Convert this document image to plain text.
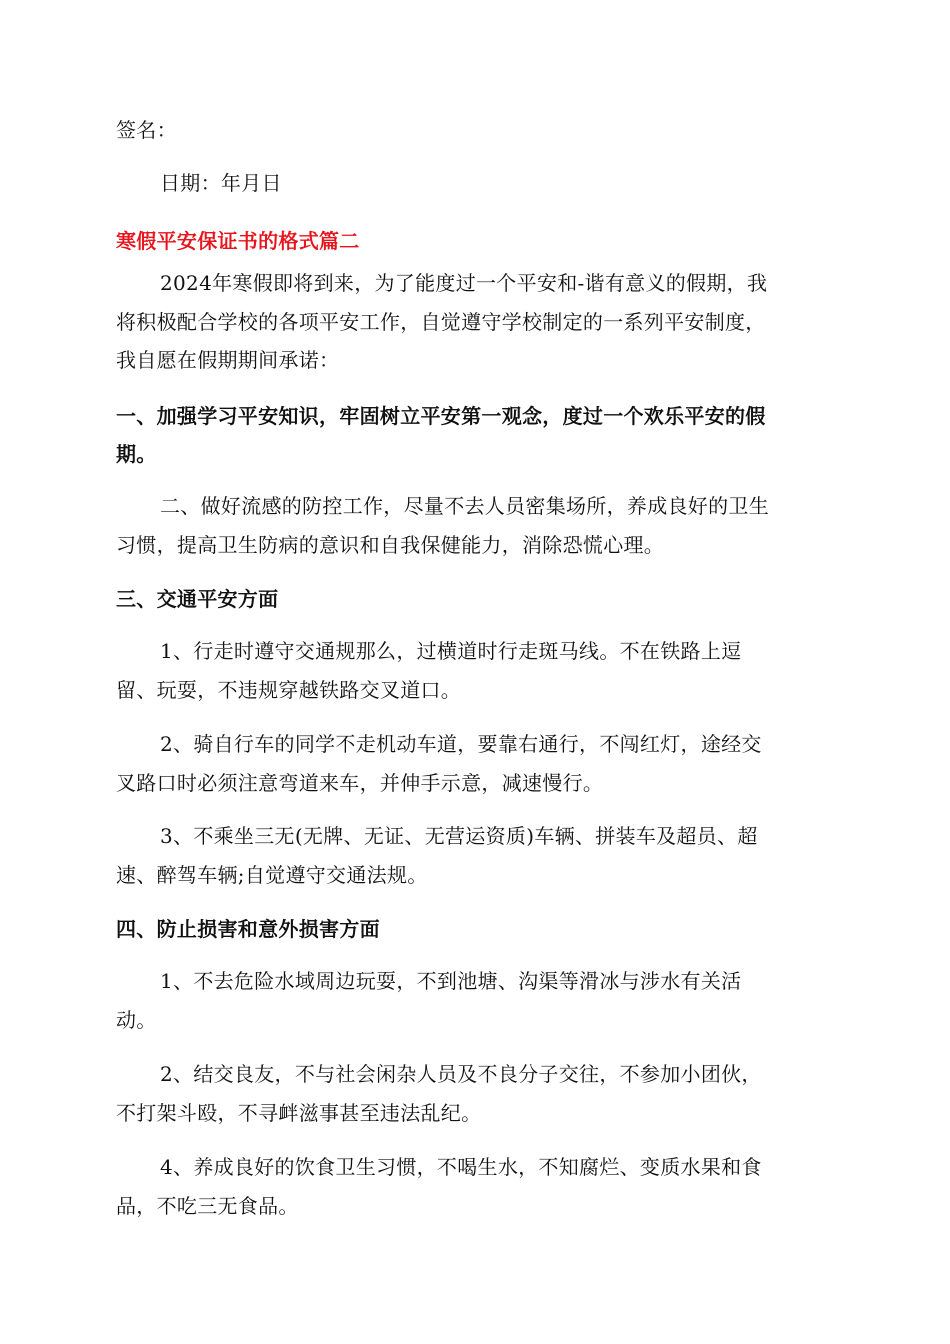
签名：
日期：年月日
寒假平安保证书的格式篇二
2024年寒假即将到来，为了能度过一个平安和-谐有意义的假期，我
将积极配合学校的各项平安工作，自觉遵守学校制定的一系列平安制度，
我自愿在假期期间承诺：
一、加强学习平安知识，牢固树立平安第一观念，度过一个欢乐平安的假
期。
二、做好流感的防控工作，尽量不去人员密集场所，养成良好的卫生
习惯，提高卫生防病的意识和自我保健能力，消除恐慌心理。
三、交通平安方面
1、行走时遵守交通规那么，过横道时行走斑马线。不在铁路上逗
留、玩耍，不违规穿越铁路交叉道口。
2、骑自行车的同学不走机动车道，要靠右通行，不闯红灯，途经交
叉路口时必须注意弯道来车，并伸手示意，减速慢行。
3、不乘坐三无(无牌、无证、无营运资质)车辆、拼装车及超员、超
速、醉驾车辆;自觉遵守交通法规。
四、防止损害和意外损害方面
1、不去危险水域周边玩耍，不到池塘、沟渠等滑冰与涉水有关活
动。
2、结交良友，不与社会闲杂人员及不良分子交往，不参加小团伙，
不打架斗殴，不寻衅滋事甚至违法乱纪。
4、养成良好的饮食卫生习惯，不喝生水，不知腐烂、变质水果和食
品，不吃三无食品。
